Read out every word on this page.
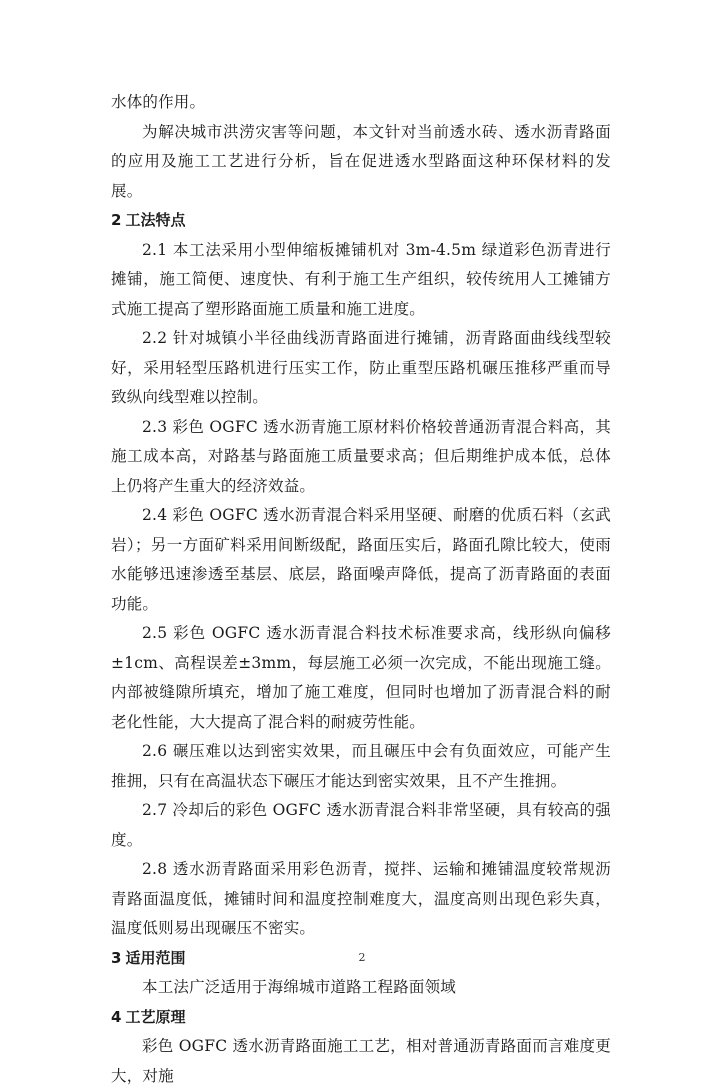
水体的作用。

为解决城市洪涝灾害等问题，本文针对当前透水砖、透水沥青路面的应用及施工工艺进行分析，旨在促进透水型路面这种环保材料的发展。

2 工法特点

2.1 本工法采用小型伸缩板摊铺机对 3m-4.5m 绿道彩色沥青进行摊铺，施工简便、速度快、有利于施工生产组织，较传统用人工摊铺方式施工提高了塑形路面施工质量和施工进度。

2.2 针对城镇小半径曲线沥青路面进行摊铺，沥青路面曲线线型较好，采用轻型压路机进行压实工作，防止重型压路机碾压推移严重而导致纵向线型难以控制。

2.3 彩色 OGFC 透水沥青施工原材料价格较普通沥青混合料高，其施工成本高，对路基与路面施工质量要求高；但后期维护成本低，总体上仍将产生重大的经济效益。

2.4 彩色 OGFC 透水沥青混合料采用坚硬、耐磨的优质石料（玄武岩）；另一方面矿料采用间断级配，路面压实后，路面孔隙比较大，使雨水能够迅速渗透至基层、底层，路面噪声降低，提高了沥青路面的表面功能。

2.5 彩色 OGFC 透水沥青混合料技术标准要求高，线形纵向偏移±1cm、高程误差±3mm，每层施工必须一次完成，不能出现施工缝。内部被缝隙所填充，增加了施工难度，但同时也增加了沥青混合料的耐老化性能，大大提高了混合料的耐疲劳性能。

2.6 碾压难以达到密实效果，而且碾压中会有负面效应，可能产生推拥，只有在高温状态下碾压才能达到密实效果，且不产生推拥。

2.7 冷却后的彩色 OGFC 透水沥青混合料非常坚硬，具有较高的强度。

2.8 透水沥青路面采用彩色沥青，搅拌、运输和摊铺温度较常规沥青路面温度低，摊铺时间和温度控制难度大，温度高则出现色彩失真，温度低则易出现碾压不密实。

3 适用范围

本工法广泛适用于海绵城市道路工程路面领域

4 工艺原理

彩色 OGFC 透水沥青路面施工工艺，相对普通沥青路面而言难度更大，对施

2
